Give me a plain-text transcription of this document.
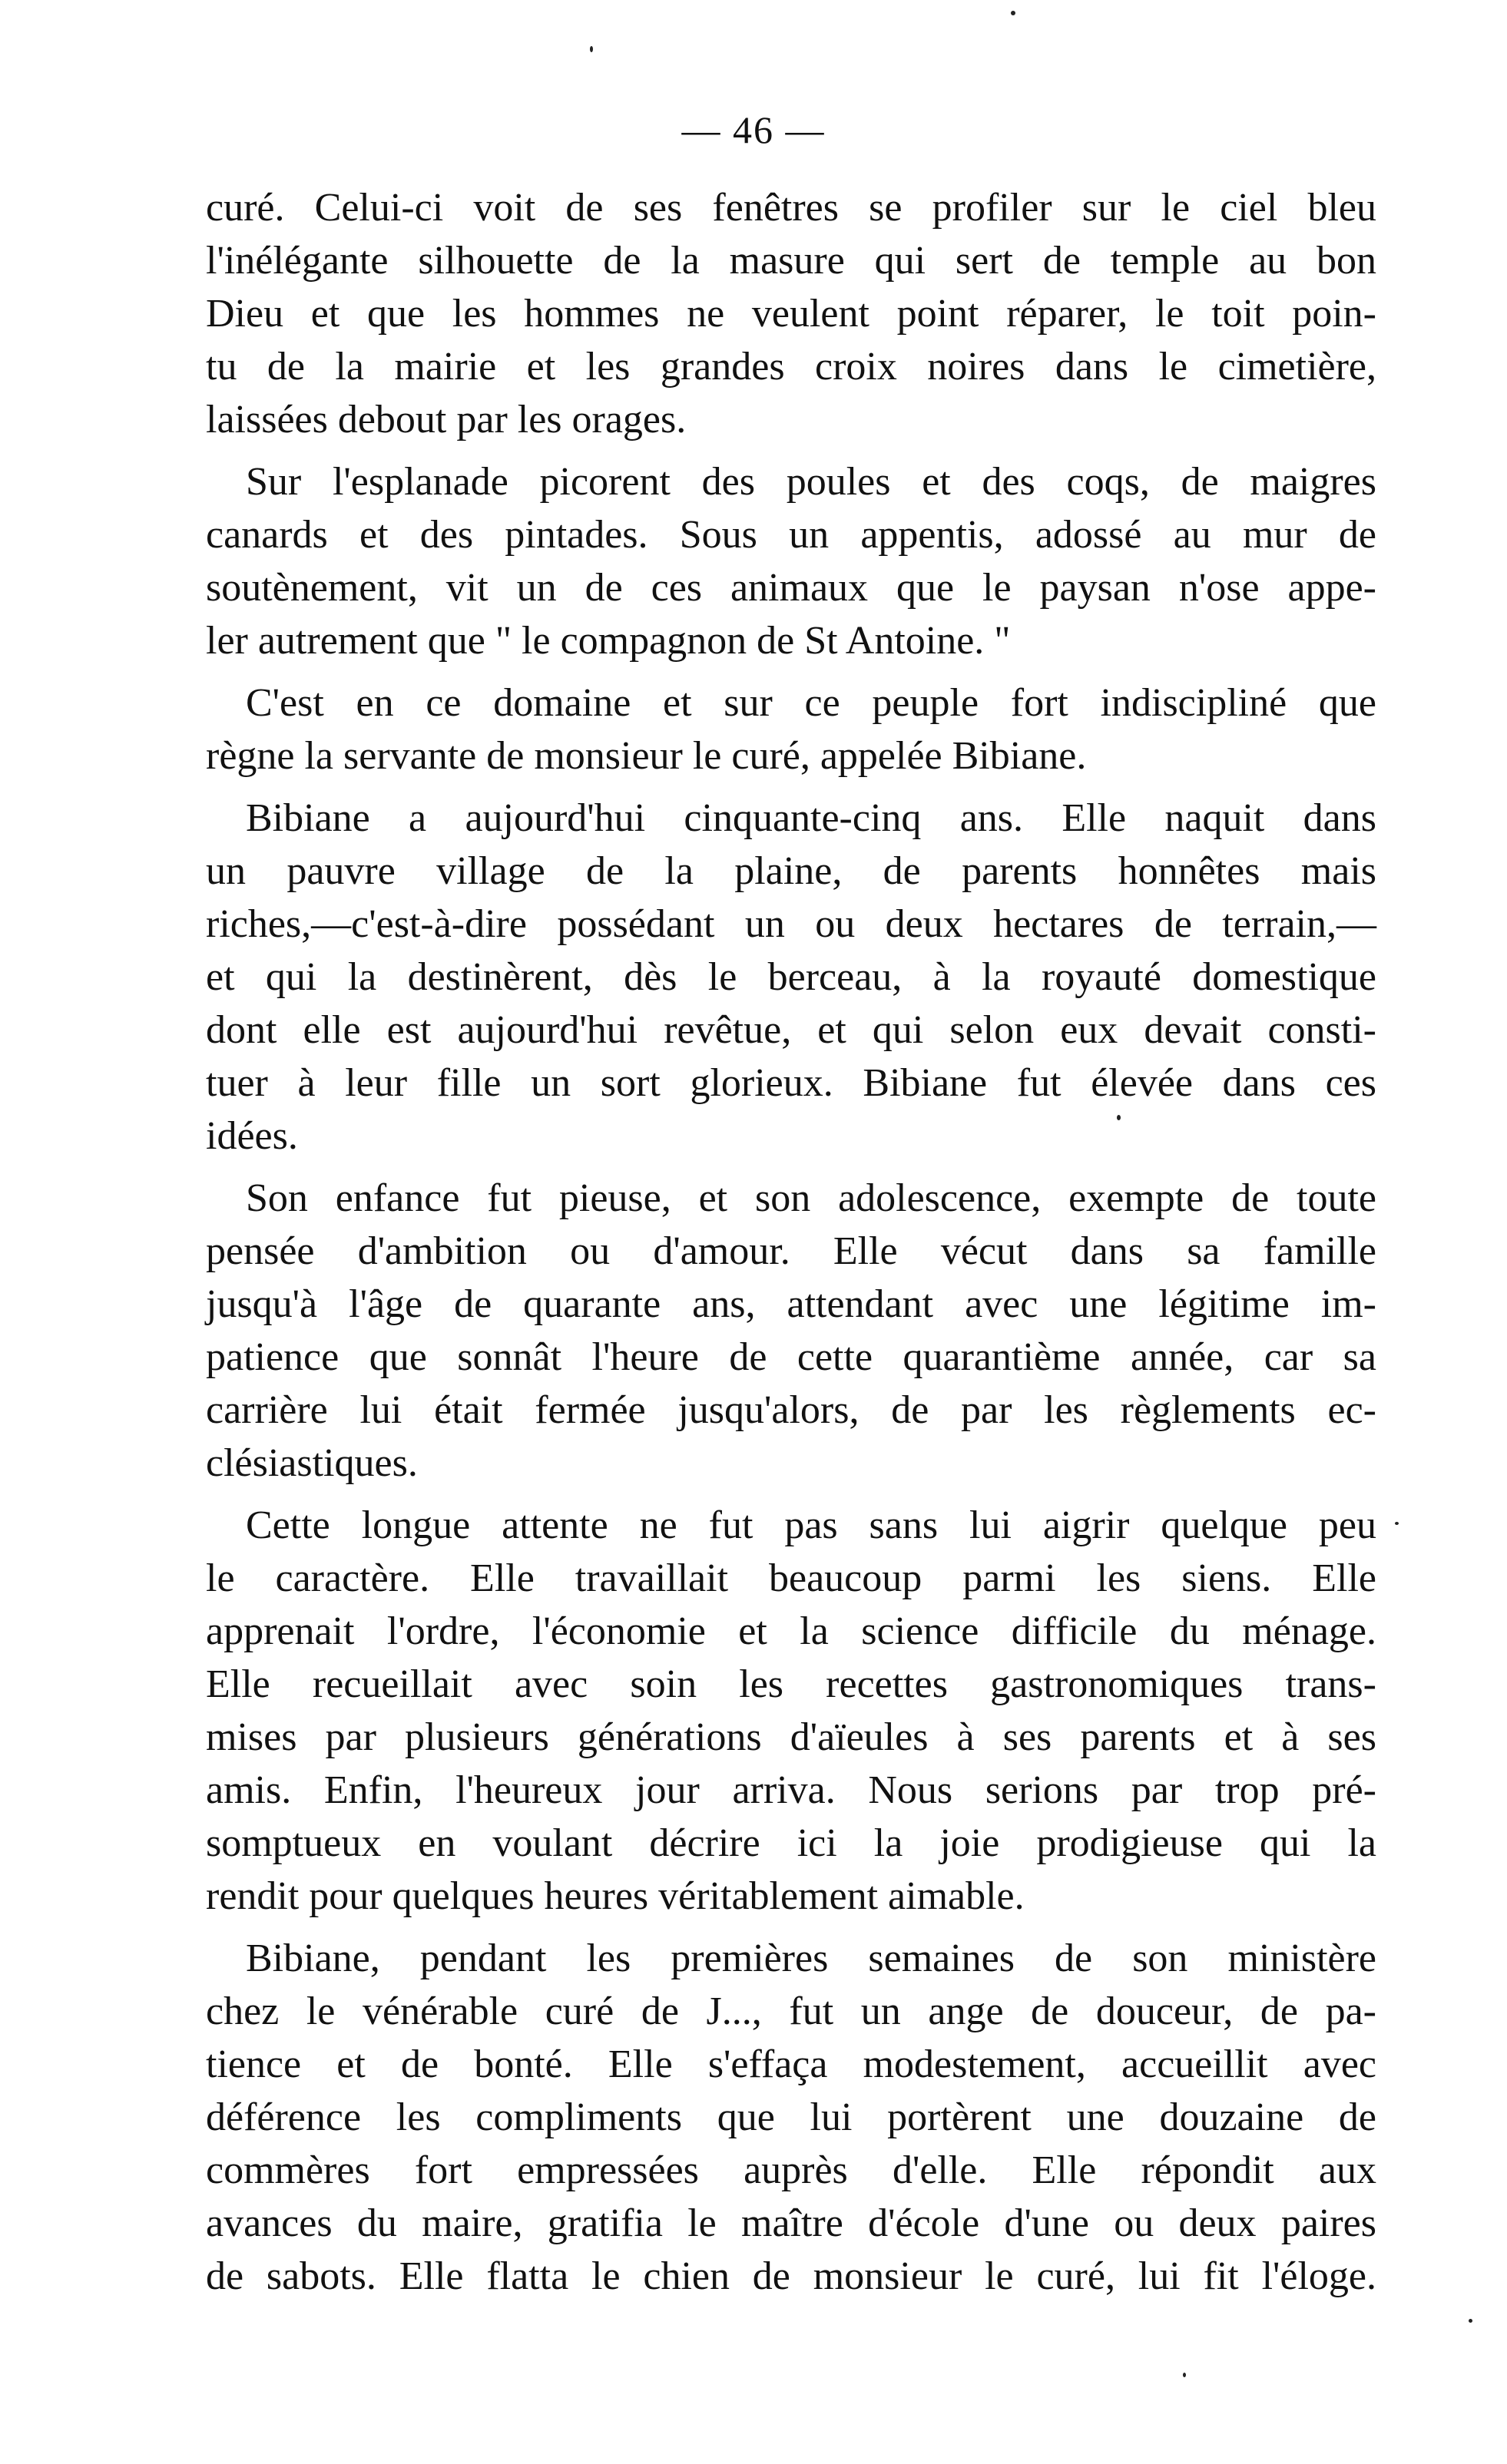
— 46 —
curé. Celui-ci voit de ses fenêtres se profiler sur le ciel bleu
l'inélégante silhouette de la masure qui sert de temple au bon
Dieu et que les hommes ne veulent point réparer, le toit poin-
tu de la mairie et les grandes croix noires dans le cimetière,
laissées debout par les orages.
Sur l'esplanade picorent des poules et des coqs, de maigres
canards et des pintades. Sous un appentis, adossé au mur de
soutènement, vit un de ces animaux que le paysan n'ose appe-
ler autrement que " le compagnon de St Antoine. "
C'est en ce domaine et sur ce peuple fort indiscipliné que
règne la servante de monsieur le curé, appelée Bibiane.
Bibiane a aujourd'hui cinquante-cinq ans. Elle naquit dans
un pauvre village de la plaine, de parents honnêtes mais
riches,—c'est-à-dire possédant un ou deux hectares de terrain,—
et qui la destinèrent, dès le berceau, à la royauté domestique
dont elle est aujourd'hui revêtue, et qui selon eux devait consti-
tuer à leur fille un sort glorieux. Bibiane fut élevée dans ces
idées.
Son enfance fut pieuse, et son adolescence, exempte de toute
pensée d'ambition ou d'amour. Elle vécut dans sa famille
jusqu'à l'âge de quarante ans, attendant avec une légitime im-
patience que sonnât l'heure de cette quarantième année, car sa
carrière lui était fermée jusqu'alors, de par les règlements ec-
clésiastiques.
Cette longue attente ne fut pas sans lui aigrir quelque peu
le caractère. Elle travaillait beaucoup parmi les siens. Elle
apprenait l'ordre, l'économie et la science difficile du ménage.
Elle recueillait avec soin les recettes gastronomiques trans-
mises par plusieurs générations d'aïeules à ses parents et à ses
amis. Enfin, l'heureux jour arriva. Nous serions par trop pré-
somptueux en voulant décrire ici la joie prodigieuse qui la
rendit pour quelques heures véritablement aimable.
Bibiane, pendant les premières semaines de son ministère
chez le vénérable curé de J..., fut un ange de douceur, de pa-
tience et de bonté. Elle s'effaça modestement, accueillit avec
déférence les compliments que lui portèrent une douzaine de
commères fort empressées auprès d'elle. Elle répondit aux
avances du maire, gratifia le maître d'école d'une ou deux paires
de sabots. Elle flatta le chien de monsieur le curé, lui fit l'éloge.
